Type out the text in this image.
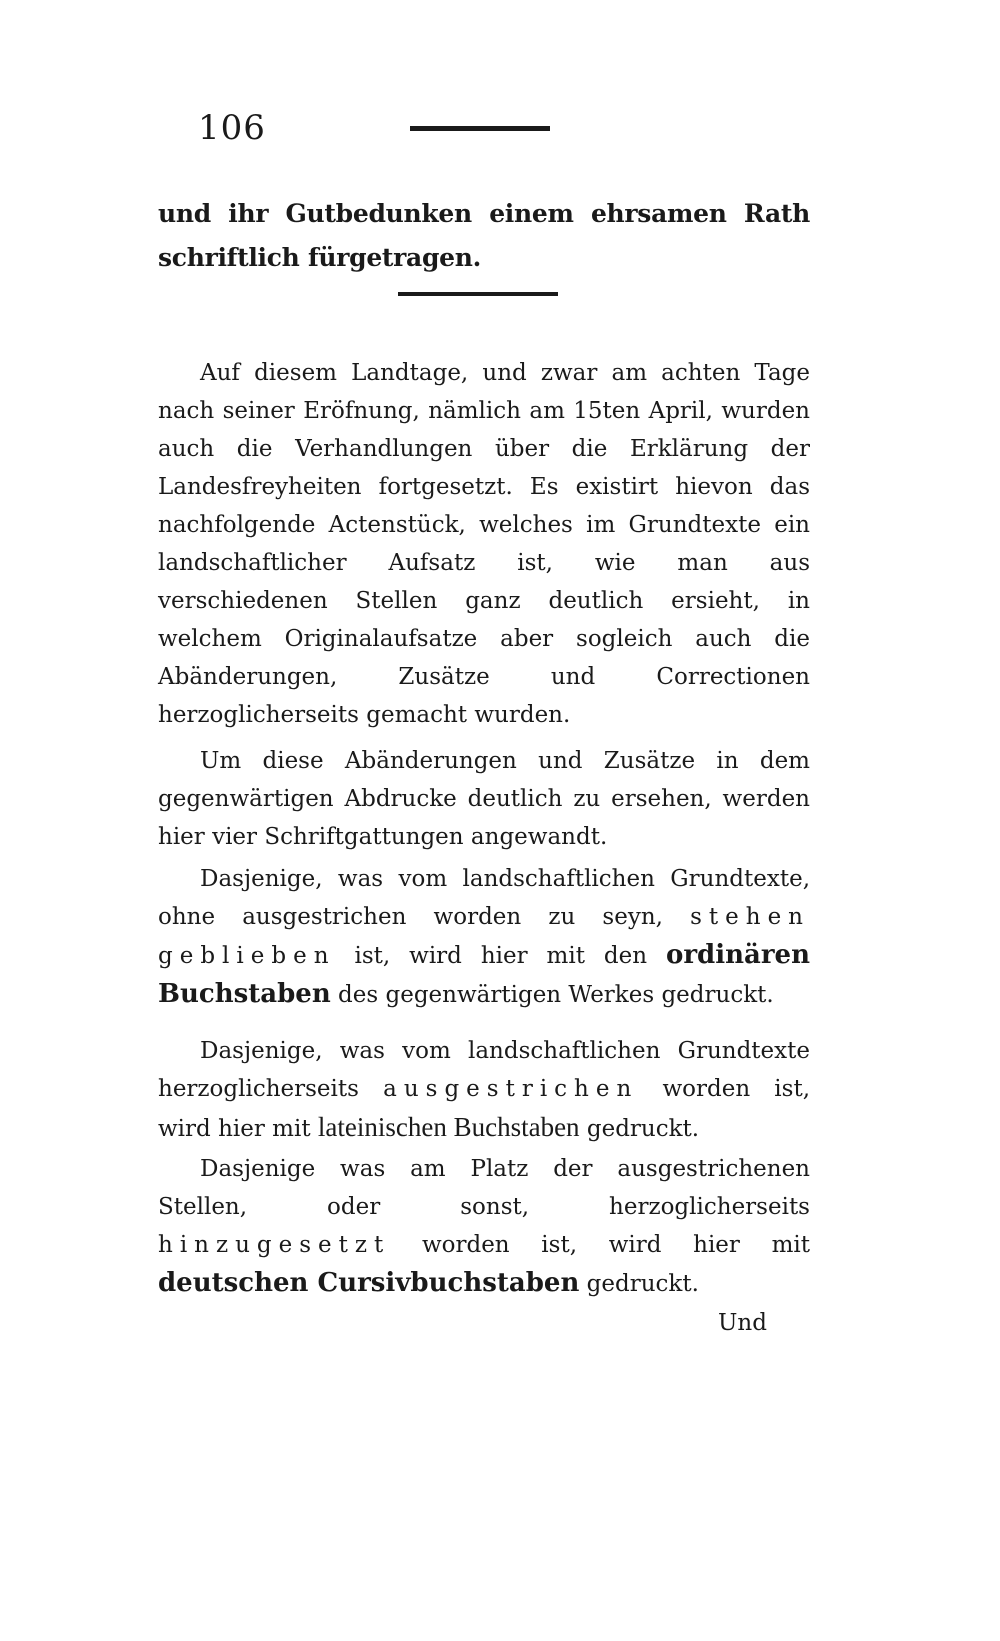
106
und ihr Gutbedunken einem ehrsamen Rath schriftlich fürgetragen.

Auf diesem Landtage, und zwar am achten Tage nach seiner Eröfnung, nämlich am 15ten April, wurden auch die Verhandlungen über die Erklärung der Landesfreyheiten fortgesetzt. Es existirt hievon das nachfolgende Actenstück, welches im Grundtexte ein landschaftlicher Aufsatz ist, wie man aus verschiedenen Stellen ganz deutlich ersieht, in welchem Originalaufsatze aber sogleich auch die Abänderungen, Zusätze und Correctionen herzoglicherseits gemacht wurden.

Um diese Abänderungen und Zusätze in dem gegenwärtigen Abdrucke deutlich zu ersehen, werden hier vier Schriftgattungen angewandt.

Dasjenige, was vom landschaftlichen Grundtexte, ohne ausgestrichen worden zu seyn, stehen geblieben ist, wird hier mit den ordinären Buchstaben des gegenwärtigen Werkes gedruckt.

Dasjenige, was vom landschaftlichen Grundtexte herzoglicherseits ausgestrichen worden ist, wird hier mit lateinischen Buchstaben gedruckt.

Dasjenige was am Platz der ausgestrichenen Stellen, oder sonst, herzoglicherseits hinzugesetzt worden ist, wird hier mit deutschen Cursivbuchstaben gedruckt.

Und
